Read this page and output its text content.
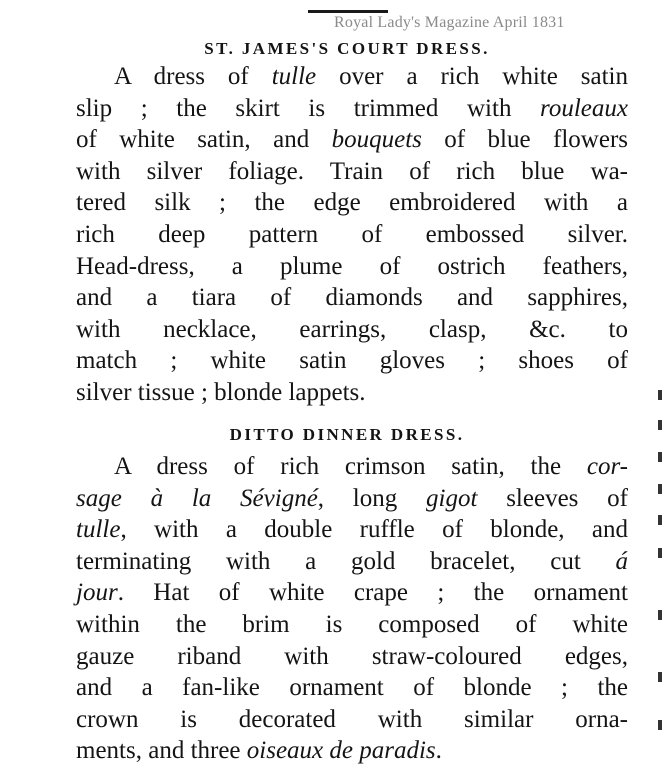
Royal Lady's Magazine April 1831
ST. JAMES'S COURT DRESS.
A dress of tulle over a rich white satin
slip ; the skirt is trimmed with rouleaux
of white satin, and bouquets of blue flowers
with silver foliage. Train of rich blue wa-
tered silk ; the edge embroidered with a
rich deep pattern of embossed silver.
Head-dress, a plume of ostrich feathers,
and a tiara of diamonds and sapphires,
with necklace, earrings, clasp, &c. to
match ; white satin gloves ; shoes of
silver tissue ; blonde lappets.
DITTO DINNER DRESS.
A dress of rich crimson satin, the cor-
sage à la Sévigné, long gigot sleeves of
tulle, with a double ruffle of blonde, and
terminating with a gold bracelet, cut á
jour. Hat of white crape ; the ornament
within the brim is composed of white
gauze riband with straw-coloured edges,
and a fan-like ornament of blonde ; the
crown is decorated with similar orna-
ments, and three oiseaux de paradis.
